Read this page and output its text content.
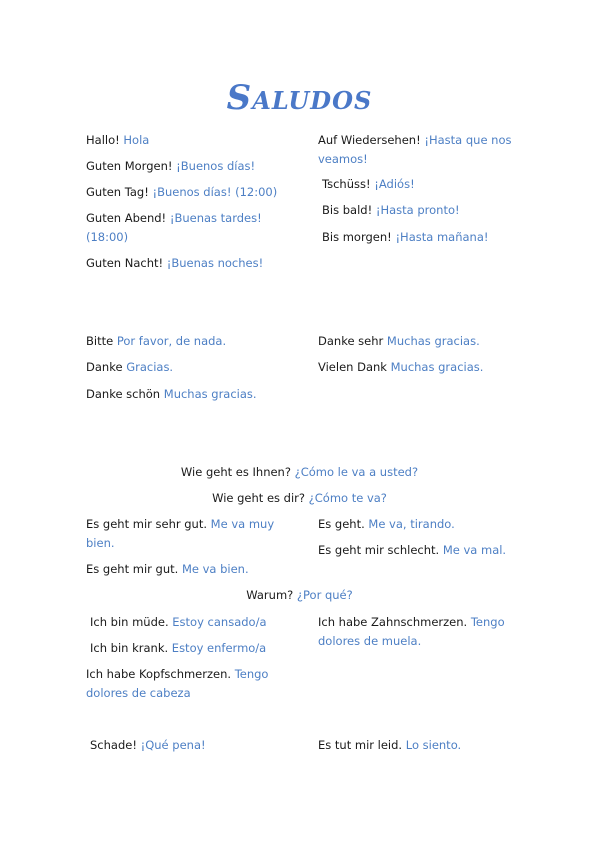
Saludos
Hallo! Hola
Guten Morgen! ¡Buenos días!
Guten Tag! ¡Buenos días! (12:00)
Guten Abend! ¡Buenas tardes! (18:00)
Guten Nacht! ¡Buenas noches!
Auf Wiedersehen! ¡Hasta que nos veamos!
Tschüss! ¡Adiós!
Bis bald! ¡Hasta pronto!
Bis morgen! ¡Hasta mañana!
Bitte Por favor, de nada.
Danke Gracias.
Danke schön Muchas gracias.
Danke sehr Muchas gracias.
Vielen Dank Muchas gracias.
Wie geht es Ihnen? ¿Cómo le va a usted?
Wie geht es dir? ¿Cómo te va?
Es geht mir sehr gut. Me va muy bien.
Es geht mir gut. Me va bien.
Es geht. Me va, tirando.
Es geht mir schlecht. Me va mal.
Warum? ¿Por qué?
Ich bin müde. Estoy cansado/a
Ich bin krank. Estoy enfermo/a
Ich habe Kopfschmerzen. Tengo dolores de cabeza
Ich habe Zahnschmerzen. Tengo dolores de muela.
Schade! ¡Qué pena!	Es tut mir leid. Lo siento.
